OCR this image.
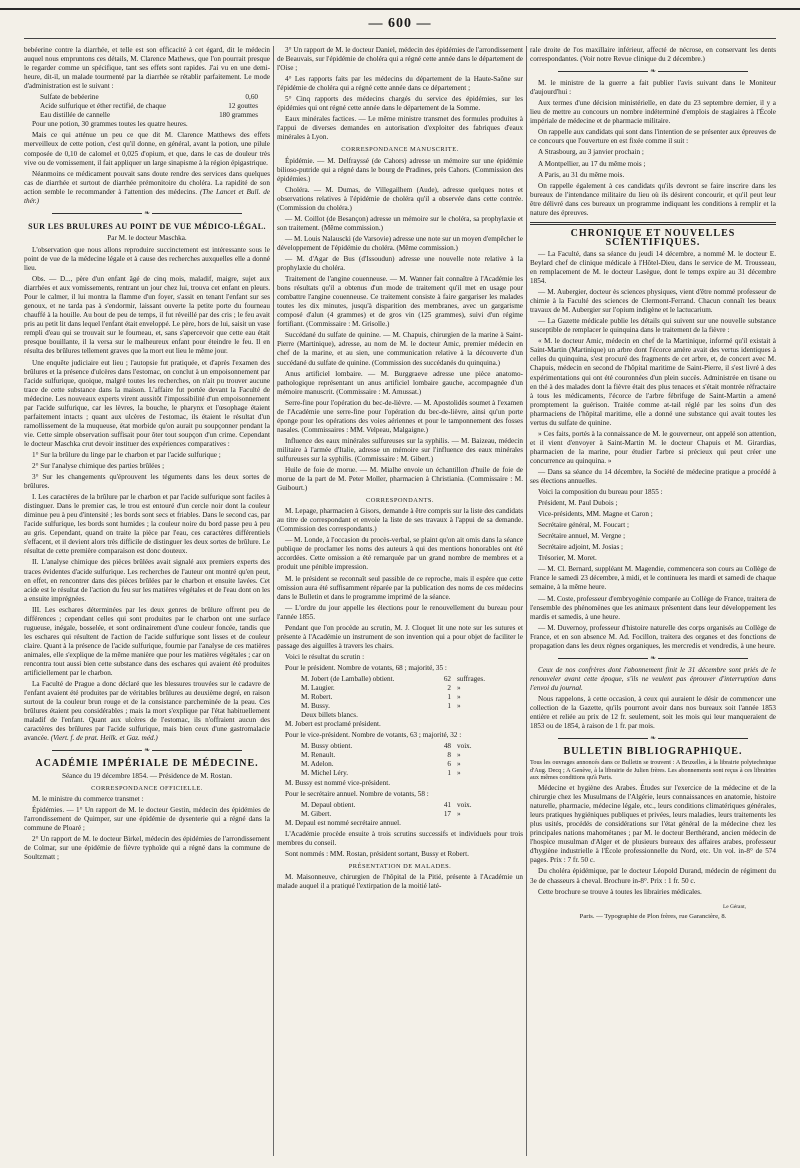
— 600 —

bebéerine contre la diarrhée, et telle est son efficacité à cet égard, dit le médecin auquel nous empruntons ces détails, M. Clarence Mathews, que l'on pourrait presque le regarder comme un spécifique, tant ses effets sont rapides. J'ai vu en une demi-heure, dit-il, un malade tourmenté par la diarrhée se rétablir parfaitement. Le mode d'administration est le suivant :

Sulfate de bebéerine	0,60
Acide sulfurique et éther rectifié, de chaque	12 gouttes
Eau distillée de cannelle	180 grammes

Pour une potion, 30 grammes toutes les quatre heures.

Mais ce qui atténue un peu ce que dit M. Clarence Matthews des effets merveilleux de cette potion, c'est qu'il donne, en général, avant la potion, une pilule composée de 0,10 de calomel et 0,025 d'opium, et que, dans le cas de douleur très vive ou de vomissement, il fait appliquer un large sinapisme à la région épigastrique.

Néanmoins ce médicament pouvait sans doute rendre des services dans quelques cas de diarrhée et surtout de diarrhée prémonitoire du choléra. La rapidité de son action semble le recommander à l'attention des médecins. (The Lancet et Bull. de thér.)

❧
SUR LES BRULURES AU POINT DE VUE MÉDICO-LÉGAL.
Par M. le docteur Maschka.

L'observation que nous allons reproduire succinctement est intéressante sous le point de vue de la médecine légale et à cause des recherches auxquelles elle a donné lieu.

Obs. — D..., père d'un enfant âgé de cinq mois, maladif, maigre, sujet aux diarrhées et aux vomissements, rentrant un jour chez lui, trouva cet enfant en pleurs. Pour le calmer, il lui montra la flamme d'un foyer, s'assit en tenant l'enfant sur ses genoux, et ne tarda pas à s'endormir, laissant ouverte la petite porte du fourneau chauffé à la houille. Au bout de peu de temps, il fut réveillé par des cris ; le feu avait pris au petit lit dans lequel l'enfant était enveloppé. Le père, hors de lui, saisit un vase rempli d'eau qui se trouvait sur le fourneau, et, sans s'apercevoir que cette eau était presque bouillante, il la versa sur le malheureux enfant pour éteindre le feu. Il en résulta des brûlures tellement graves que la mort eut lieu le même jour.

Une enquête judiciaire eut lieu ; l'autopsie fut pratiquée, et d'après l'examen des brûlures et la présence d'ulcères dans l'estomac, on conclut à un empoisonnement par l'acide sulfurique, quoique, malgré toutes les recherches, on n'ait pu trouver aucune trace de cette substance dans la maison. L'affaire fut portée devant la Faculté de médecine. Les nouveaux experts virent aussitôt l'impossibilité d'un empoisonnement par l'acide sulfurique, car les lèvres, la bouche, le pharynx et l'œsophage étaient parfaitement intacts ; quant aux ulcères de l'estomac, ils étaient le résultat d'un ramollissement de la muqueuse, état morbide qu'on aurait pu soupçonner pendant la vie. Cette simple observation suffisait pour ôter tout soupçon d'un crime. Cependant le docteur Maschka crut devoir instituer des expériences comparatives :

1° Sur la brûlure du linge par le charbon et par l'acide sulfurique ;

2° Sur l'analyse chimique des parties brûlées ;

3° Sur les changements qu'éprouvent les téguments dans les deux sortes de brûlures.

I. Les caractères de la brûlure par le charbon et par l'acide sulfurique sont faciles à distinguer. Dans le premier cas, le trou est entouré d'un cercle noir dont la couleur diminue peu à peu d'intensité ; les bords sont secs et friables. Dans le second cas, par l'acide sulfurique, les bords sont humides ; la couleur noire du bord passe peu à peu au gris. Cependant, quand on traite la pièce par l'eau, ces caractères différentiels s'effacent, et il devient alors très difficile de distinguer les deux sortes de brûlure. Le résultat de cette première comparaison est donc douteux.

II. L'analyse chimique des pièces brûlées avait signalé aux premiers experts des traces évidentes d'acide sulfurique. Les recherches de l'auteur ont montré qu'en peut, en effet, en rencontrer dans des pièces brûlées par le charbon et ensuite lavées. Cet acide est le résultat de l'action du feu sur les matières végétales et de l'eau dont on les a ensuite imprégnées.

III. Les eschares déterminées par les deux genres de brûlure offrent peu de différences ; cependant celles qui sont produites par le charbon ont une surface rugueuse, inégale, bosselée, et sont ordinairement d'une couleur foncée, tandis que les eschares qui résultent de l'action de l'acide sulfurique sont lisses et de couleur claire. Quant à la présence de l'acide sulfurique, fournie par l'analyse de ces matières animales, elle s'explique de la même manière que pour les matières végétales ; car on rencontra tout aussi bien cette substance dans des eschares qui avaient été produites artificiellement par le charbon.

La Faculté de Prague a donc déclaré que les blessures trouvées sur le cadavre de l'enfant avaient été produites par de véritables brûlures au deuxième degré, en raison surtout de la couleur brun rouge et de la consistance parcheminée de la peau. Ces brûlures étaient peu considérables ; mais la mort s'explique par l'état habituellement maladif de l'enfant. Quant aux ulcères de l'estomac, ils n'offraient aucun des caractères des brûlures par l'acide sulfurique, mais bien ceux d'une gastromalacie avancée. (Viert. f. de prat. Heilk. et Gaz. méd.)

❧
ACADÉMIE IMPÉRIALE DE MÉDECINE.

Séance du 19 décembre 1854. — Présidence de M. Rostan.

CORRESPONDANCE OFFICIELLE.

M. le ministre du commerce transmet :

Épidémies. — 1° Un rapport de M. le docteur Gestin, médecin des épidémies de l'arrondissement de Quimper, sur une épidémie de dysenterie qui a régné dans la commune de Ploaré ;

2° Un rapport de M. le docteur Birkel, médecin des épidémies de l'arrondissement de Colmar, sur une épidémie de fièvre typhoïde qui a régné dans la commune de Soultzmatt ;

3° Un rapport de M. le docteur Daniel, médecin des épidémies de l'arrondissement de Beauvais, sur l'épidémie de choléra qui a régné cette année dans le département de l'Oise ;

4° Les rapports faits par les médecins du département de la Haute-Saône sur l'épidémie de choléra qui a régné cette année dans ce département ;

5° Cinq rapports des médecins chargés du service des épidémies, sur les épidémies qui ont régné cette année dans le département de la Somme.

Eaux minérales factices. — Le même ministre transmet des formules produites à l'appui de diverses demandes en autorisation d'exploiter des fabriques d'eaux minérales à Lyon.

CORRESPONDANCE MANUSCRITE.

Épidémie. — M. Delfrayssé (de Cahors) adresse un mémoire sur une épidémie bilioso-putride qui a régné dans le bourg de Pradines, près Cahors. (Commission des épidémies.)

Choléra. — M. Dumas, de Villegailhem (Aude), adresse quelques notes et observations relatives à l'épidémie de choléra qu'il a observée dans cette contrée. (Commission du choléra.)

— M. Coillot (de Besançon) adresse un mémoire sur le choléra, sa prophylaxie et son traitement. (Même commission.)

— M. Louis Nalauscki (de Varsovie) adresse une note sur un moyen d'empêcher le développement de l'épidémie du choléra. (Même commission.)

— M. d'Agar de Bus (d'Issoudun) adresse une nouvelle note relative à la prophylaxie du choléra.

Traitement de l'angine couenneuse. — M. Wanner fait connaître à l'Académie les bons résultats qu'il a obtenus d'un mode de traitement qu'il met en usage pour combattre l'angine couenneuse. Ce traitement consiste à faire gargariser les malades toutes les dix minutes, jusqu'à disparition des membranes, avec un gargarisme composé d'alun (4 grammes) et de gros vin (125 grammes), suivi d'un régime fortifiant. (Commissaire : M. Grisolle.)

Succédané du sulfate de quinine. — M. Chapuis, chirurgien de la marine à Saint-Pierre (Martinique), adresse, au nom de M. le docteur Amic, premier médecin en chef de la marine, et au sien, une communication relative à la découverte d'un succédané du sulfate de quinine. (Commission des succédanés du quinquina.)

Anus artificiel lombaire. — M. Burggraeve adresse une pièce anatomo-pathologique représentant un anus artificiel lombaire gauche, accompagnée d'un mémoire manuscrit. (Commissaire : M. Amussat.)

Serre-fine pour l'opération du bec-de-lièvre. — M. Apostolidès soumet à l'examen de l'Académie une serre-fine pour l'opération du bec-de-lièvre, ainsi qu'un porte éponge pour les opérations des voies aériennes et pour le tamponnement des fosses nasales. (Commissaires : MM. Velpeau, Malgaigne.)

Influence des eaux minérales sulfureuses sur la syphilis. — M. Baizeau, médecin militaire à l'armée d'Italie, adresse un mémoire sur l'influence des eaux minérales sulfureuses sur la syphilis. (Commissaire : M. Gibert.)

Huile de foie de morue. — M. Mialhe envoie un échantillon d'huile de foie de morue de la part de M. Peter Moller, pharmacien à Christiania. (Commissaire : M. Guibourt.)

CORRESPONDANTS.

M. Lepage, pharmacien à Gisors, demande à être compris sur la liste des candidats au titre de correspondant et envoie la liste de ses travaux à l'appui de sa demande. (Commission des correspondants.)

— M. Londe, à l'occasion du procès-verbal, se plaint qu'on ait omis dans la séance publique de proclamer les noms des auteurs à qui des mentions honorables ont été accordées. Cette omission a été remarquée par un grand nombre de membres et a produit une pénible impression.

M. le président se reconnaît seul passible de ce reproche, mais il espère que cette omission aura été suffisamment réparée par la publication des noms de ces médecins dans le Bulletin et dans le programme imprimé de la séance.

— L'ordre du jour appelle les élections pour le renouvellement du bureau pour l'année 1855.

Pendant que l'on procède au scrutin, M. J. Cloquet lit une note sur les sutures et présente à l'Académie un instrument de son invention qui a pour objet de faciliter le passage des aiguilles à travers les chairs.

Voici le résultat du scrutin :

Pour le président. Nombre de votants, 68 ; majorité, 35 :

M. Jobert (de Lamballe) obtient.	62 suffrages.
M. Laugier.	2 »
M. Robert.	1 »
M. Bussy.	1 »
Deux billets blancs.

M. Jobert est proclamé président.

Pour le vice-président. Nombre de votants, 63 ; majorité, 32 :

M. Bussy obtient.	48 voix.
M. Renault.	8 »
M. Adelon.	6 »
M. Michel Léry.	1 »

M. Bussy est nommé vice-président.

Pour le secrétaire annuel. Nombre de votants, 58 :

M. Depaul obtient.	41 voix.
M. Gibert.	17 »

M. Depaul est nommé secrétaire annuel.

L'Académie procède ensuite à trois scrutins successifs et individuels pour trois membres du conseil.

Sont nommés : MM. Rostan, président sortant, Bussy et Robert.

PRÉSENTATION DE MALADES.

M. Maisonneuve, chirurgien de l'hôpital de la Pitié, présente à l'Académie un malade auquel il a pratiqué l'extirpation de la moitié laté-

rale droite de l'os maxillaire inférieur, affecté de nécrose, en conservant les dents correspondantes. (Voir notre Revue clinique du 2 décembre.)

❧

M. le ministre de la guerre a fait publier l'avis suivant dans le Moniteur d'aujourd'hui :

Aux termes d'une décision ministérielle, en date du 23 septembre dernier, il y a lieu de mettre au concours un nombre indéterminé d'emplois de stagiaires à l'École impériale de médecine et de pharmacie militaire.

On rappelle aux candidats qui sont dans l'intention de se présenter aux épreuves de ce concours que l'ouverture en est fixée comme il suit :

A Strasbourg, au 3 janvier prochain ;

A Montpellier, au 17 du même mois ;

A Paris, au 31 du même mois.

On rappelle également à ces candidats qu'ils devront se faire inscrire dans les bureaux de l'intendance militaire du lieu où ils désirent concourir, et qu'il peut leur être délivré dans ces bureaux un programme indiquant les conditions à remplir et la nature des épreuves.

CHRONIQUE ET NOUVELLES SCIENTIFIQUES.

— La Faculté, dans sa séance du jeudi 14 décembre, a nommé M. le docteur E. Beylard chef de clinique médicale à l'Hôtel-Dieu, dans le service de M. Trousseau, en remplacement de M. le docteur Lasègue, dont le temps expire au 31 décembre 1854.

— M. Aubergier, docteur ès sciences physiques, vient d'être nommé professeur de chimie à la Faculté des sciences de Clermont-Ferrand. Chacun connaît les beaux travaux de M. Aubergier sur l'opium indigène et le lactucarium.

— La Gazette médicale publie les détails qui suivent sur une nouvelle substance susceptible de remplacer le quinquina dans le traitement de la fièvre :

« M. le docteur Amic, médecin en chef de la Martinique, informé qu'il existait à Saint-Martin (Martinique) un arbre dont l'écorce amère avait des vertus identiques à celles du quinquina, s'est procuré des fragments de cet arbre, et, de concert avec M. Chapuis, médecin en second de l'hôpital maritime de Saint-Pierre, il s'est livré à des expérimentations qui ont été couronnées d'un plein succès. Administrée en tisane ou en thé à des malades dont la fièvre était des plus tenaces et s'était montrée réfractaire à tous les médicaments, l'écorce de l'arbre fébrifuge de Saint-Martin a amené promptement la guérison. Traitée comme at-tail réglé par les soins d'un des pharmaciens de l'hôpital maritime, elle a donné une substance qui avait toutes les vertus du sulfate de quinine.

» Ces faits, portés à la connaissance de M. le gouverneur, ont appelé son attention, et il vient d'envoyer à Saint-Martin M. le docteur Chapuis et M. Girardias, pharmacien de la marine, pour étudier l'arbre si précieux qui peut créer une concurrence au quinquina. »

— Dans sa séance du 14 décembre, la Société de médecine pratique a procédé à ses élections annuelles.

Voici la composition du bureau pour 1855 :

Président, M. Paul Dubois ;

Vice-présidents, MM. Magne et Caron ;

Secrétaire général, M. Foucart ;

Secrétaire annuel, M. Vergne ;

Secrétaire adjoint, M. Josias ;

Trésorier, M. Moret.

— M. Cl. Bernard, suppléant M. Magendie, commencera son cours au Collège de France le samedi 23 décembre, à midi, et le continuera les mardi et samedi de chaque semaine, à la même heure.

— M. Coste, professeur d'embryogénie comparée au Collège de France, traitera de l'ensemble des phénomènes que les animaux présentent dans leur développement les mardis et samedis, à une heure.

— M. Duvernoy, professeur d'histoire naturelle des corps organisés au Collège de France, et en son absence M. Ad. Focillon, traitera des organes et des fonctions de propagation dans les deux règnes organiques, les mercredis et vendredis, à une heure.

❧

Ceux de nos confrères dont l'abonnement finit le 31 décembre sont priés de le renouveler avant cette époque, s'ils ne veulent pas éprouver d'interruption dans l'envoi du journal.

Nous rappelons, à cette occasion, à ceux qui auraient le désir de commencer une collection de la Gazette, qu'ils pourront avoir dans nos bureaux soit l'année 1853 entière et reliée au prix de 12 fr. seulement, soit les mois qui leur manqueraient de 1853 ou de 1854, à raison de 1 fr. par mois.

❧
BULLETIN BIBLIOGRAPHIQUE.

Tous les ouvrages annoncés dans ce Bulletin se trouvent : A Bruxelles, à la librairie polytechnique d'Aug. Decq ; A Genève, à la librairie de Julien frères. Les abonnements sont reçus à ces librairies aux mêmes conditions qu'à Paris.

Médecine et hygiène des Arabes. Études sur l'exercice de la médecine et de la chirurgie chez les Musulmans de l'Algérie, leurs connaissances en anatomie, histoire naturelle, pharmacie, médecine légale, etc., leurs conditions climatériques générales, leurs pratiques hygiéniques publiques et privées, leurs maladies, leurs traitements les plus usités, procédés de considérations sur l'état général de la médecine chez les principales nations mahométanes ; par M. le docteur Berthérand, ancien médecin de l'hospice musulman d'Alger et de plusieurs bureaux des affaires arabes, professeur d'hygiène industrielle à l'École professionnelle du Nord, etc. Un vol. in-8° de 574 pages. Prix : 7 fr. 50 c.

Du choléra épidémique, par le docteur Léopold Durand, médecin de régiment du 3e de chasseurs à cheval. Brochure in-8°. Prix : 1 fr. 50 c.

Cette brochure se trouve à toutes les librairies médicales.

Le Gérant,
Paris. — Typographie de Plon frères, rue Garancière, 8.
